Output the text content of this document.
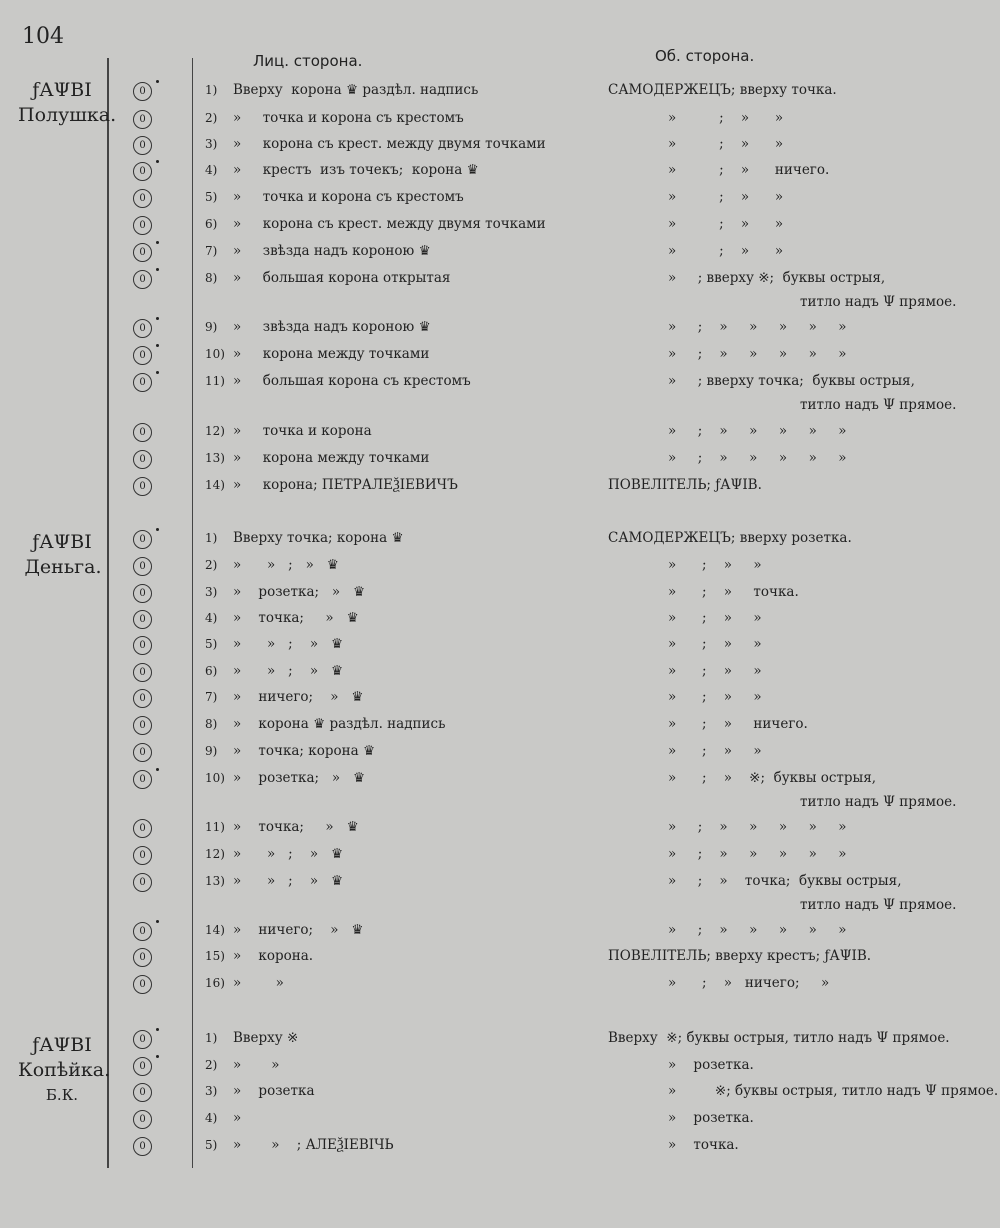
104
Лиц. сторона.	Об. сторона.
ƒАΨВІ
Полушка.
0	1)	Вверху  корона ♛ раздѣл. надпись	САМОДЕРЖЕЦЪ; вверху точка.
0	2)	»     точка и корона съ крестомъ	»          ;    »      »
0	3)	»     корона съ крест. между двумя точками	»          ;    »      »
0	4)	»     крестъ  изъ точекъ;  корона ♛	»          ;    »      ничего.
0	5)	»     точка и корона съ крестомъ	»          ;    »      »
0	6)	»     корона съ крест. между двумя точками	»          ;    »      »
0	7)	»     звѣзда надъ короною ♛	»          ;    »      »
0	8)	»     большая корона открытая	»     ; вверху ※;  буквы острыя,
титло надъ Ψ прямое.
0	9)	»     звѣзда надъ короною ♛	»     ;    »     »     »     »     »
0	10) »     корона между точками	»     ;    »     »     »     »     »
0	11) »     большая корона съ крестомъ	»     ; вверху точка;  буквы острыя,
титло надъ Ψ прямое.
0	12) »     точка и корона	»     ;    »     »     »     »     »
0	13) »     корона между точками	»     ;    »     »     »     »     »
0	14) »     корона; ПЕТРАЛЕѮІЕВИЧЪ	ПОВЕЛІТЕЛЬ; ƒАΨІВ.
ƒАΨВІ
Деньга.
0	1)	Вверху точка; корона ♛	САМОДЕРЖЕЦЪ; вверху розетка.
0	2)	»      »   ;   »   ♛	»      ;    »     »
0	3)	»    розетка;   »   ♛	»      ;    »     точка.
0	4)	»    точка;     »   ♛	»      ;    »     »
0	5)	»      »   ;    »   ♛	»      ;    »     »
0	6)	»      »   ;    »   ♛	»      ;    »     »
0	7)	»    ничего;    »   ♛	»      ;    »     »
0	8)	»    корона ♛ раздѣл. надпись	»      ;    »     ничего.
0	9)	»    точка; корона ♛	»      ;    »     »
0	10) »    розетка;   »   ♛	»      ;    »    ※;  буквы острыя,
титло надъ Ψ прямое.
0	11) »    точка;     »   ♛	»     ;    »     »     »     »     »
0	12) »      »   ;    »   ♛	»     ;    »     »     »     »     »
0	13) »      »   ;    »   ♛	»     ;    »    точка;  буквы острыя,
титло надъ Ψ прямое.
0	14) »    ничего;    »   ♛	»     ;    »     »     »     »     »
0	15) »    корона.	ПОВЕЛІТЕЛЬ; вверху крестъ; ƒАΨІВ.
0	16) »        »	»      ;    »   ничего;     »
ƒАΨВІ
Копѣйка.
Б.К.
0	1)	Вверху ※	Вверху  ※; буквы острыя, титло надъ Ψ прямое.
0	2)	»       »	»    розетка.
0	3)	»    розетка	»         ※; буквы острыя, титло надъ Ψ прямое.
0	4)	»	»    розетка.
0	5)	»       »    ; АЛЕѮІЕВІЧЬ	»    точка.
